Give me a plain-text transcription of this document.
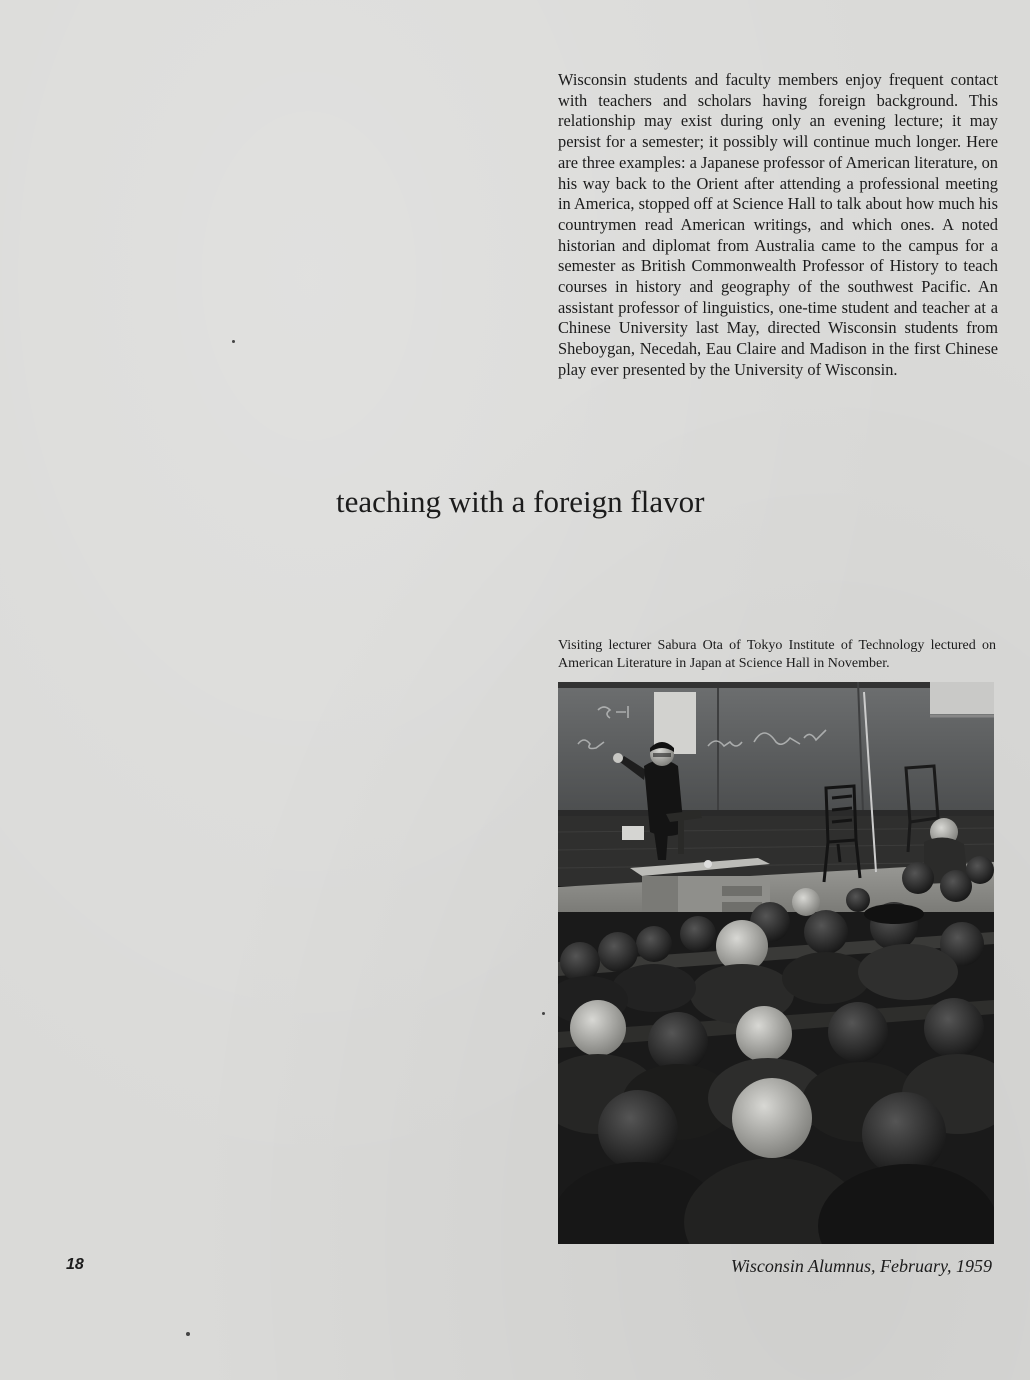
Wisconsin students and faculty members enjoy frequent contact with teachers and scholars having foreign background. This relationship may exist during only an evening lecture; it may persist for a semester; it possibly will continue much longer. Here are three examples: a Japanese professor of American literature, on his way back to the Orient after attending a professional meeting in America, stopped off at Science Hall to talk about how much his countrymen read American writings, and which ones. A noted historian and diplomat from Australia came to the campus for a semester as British Commonwealth Professor of History to teach courses in history and geography of the southwest Pacific. An assistant professor of linguistics, one-time student and teacher at a Chinese University last May, directed Wisconsin students from Sheboygan, Necedah, Eau Claire and Madison in the first Chinese play ever presented by the University of Wisconsin.

teaching with a foreign flavor

Visiting lecturer Sabura Ota of Tokyo Institute of Technology lectured on American Literature in Japan at Science Hall in November.

18	Wisconsin Alumnus, February, 1959
